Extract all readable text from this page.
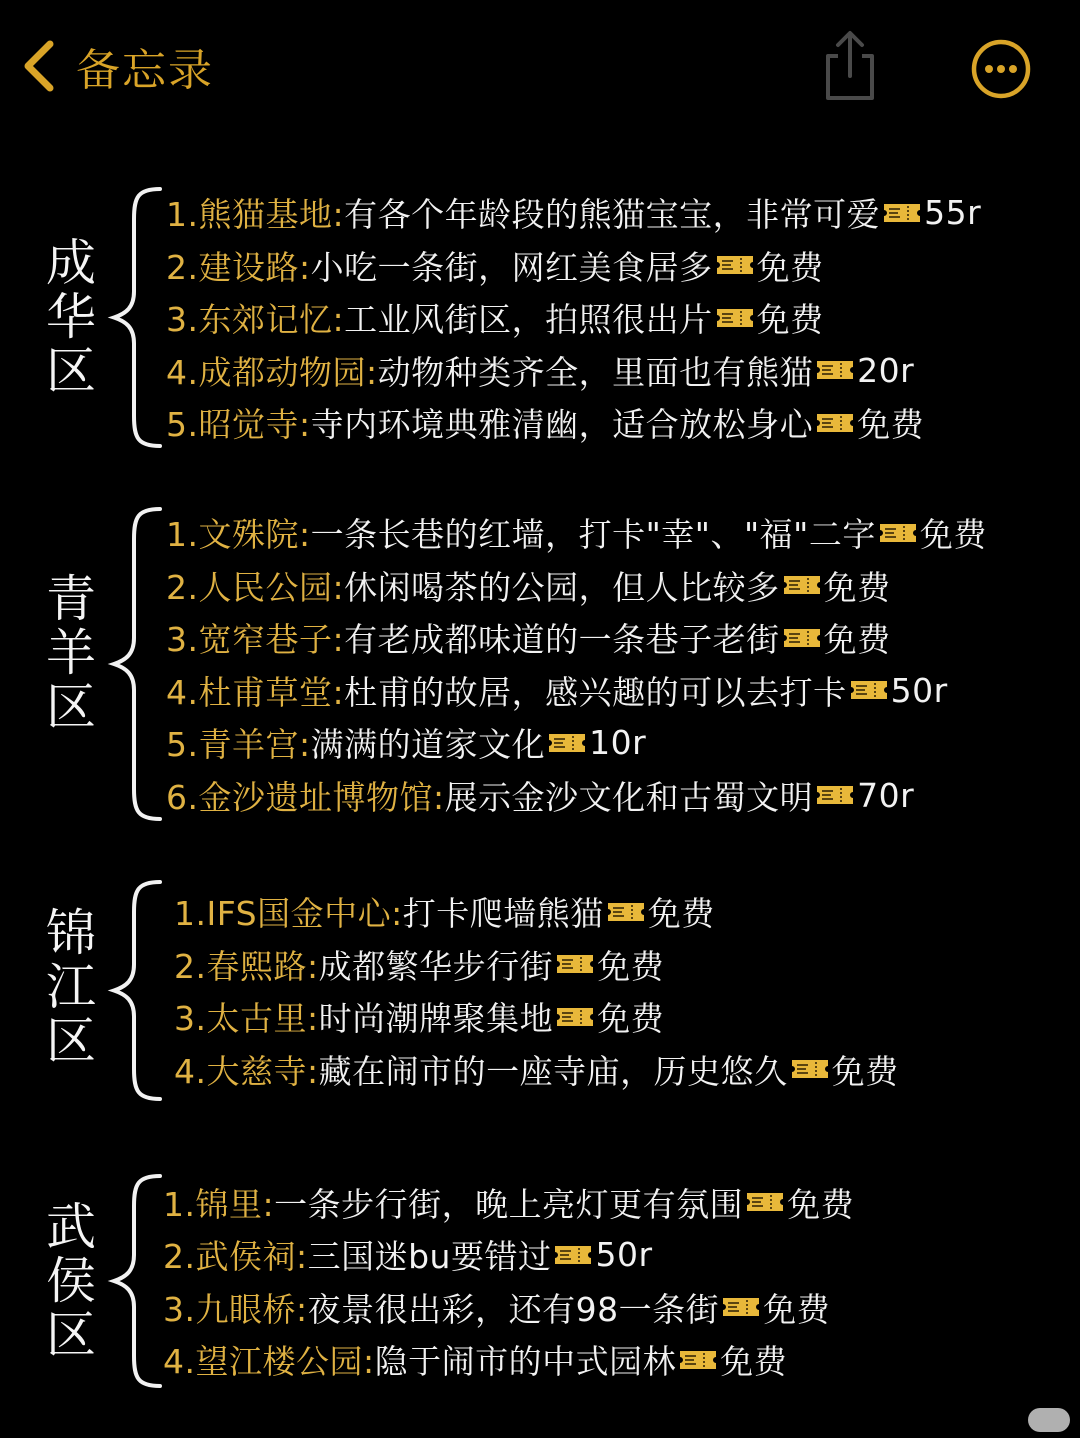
备忘录
成
华
区
1.熊猫基地: 有各个年龄段的熊猫宝宝，非常可爱 55r
2.建设路: 小吃一条街，网红美食居多 免费
3.东郊记忆: 工业风街区，拍照很出片 免费
4.成都动物园: 动物种类齐全，里面也有熊猫 20r
5.昭觉寺: 寺内环境典雅清幽，适合放松身心 免费
青
羊
区
1.文殊院: 一条长巷的红墙，打卡"幸"、"福"二字 免费
2.人民公园: 休闲喝茶的公园，但人比较多 免费
3.宽窄巷子: 有老成都味道的一条巷子老街 免费
4.杜甫草堂: 杜甫的故居，感兴趣的可以去打卡 50r
5.青羊宫: 满满的道家文化 10r
6.金沙遗址博物馆: 展示金沙文化和古蜀文明 70r
锦
江
区
1.IFS国金中心: 打卡爬墙熊猫 免费
2.春熙路: 成都繁华步行街 免费
3.太古里: 时尚潮牌聚集地 免费
4.大慈寺: 藏在闹市的一座寺庙，历史悠久 免费
武
侯
区
1.锦里: 一条步行街，晚上亮灯更有氛围 免费
2.武侯祠: 三国迷bu要错过 50r
3.九眼桥: 夜景很出彩，还有98一条街 免费
4.望江楼公园: 隐于闹市的中式园林 免费
